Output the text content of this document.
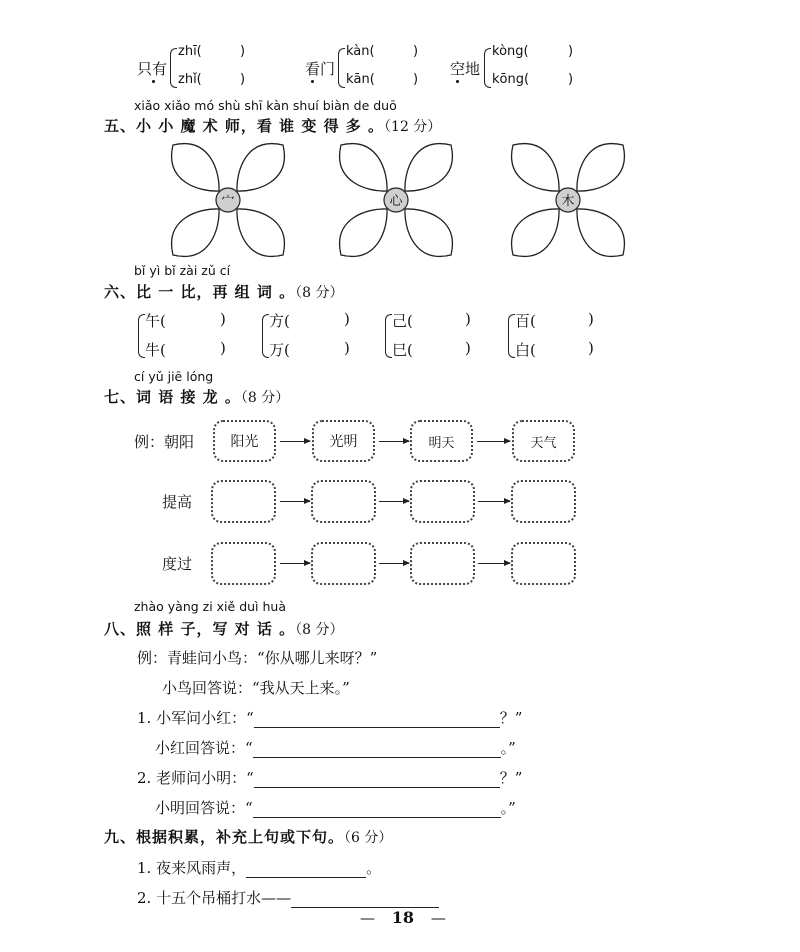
只有
zhī(	)
zhǐ(	)
看门
kàn(	)
kān(	)
空地
kòng(	)
kōng(	)
xiǎo xiǎo mó shù shī kàn shuí biàn de duō
五、小 小 魔 术 师，看 谁 变 得 多 。（12 分）
宀	心	木
bǐ yì bǐ zài zǔ cí
六、比 一 比，再 组 词 。（8 分）
午(	)
牛(	)
方(	)
万(	)
己(	)
巳(	)
百(	)
白(	)
cí yǔ jiē lóng
七、词 语 接 龙 。（8 分）
例：朝阳	阳光	光明	明天	天气
提高
度过
zhào yàng zi xiě duì huà
八、照 样 子，写 对 话 。（8 分）
例：青蛙问小鸟：“你从哪儿来呀？”
小鸟回答说：“我从天上来。”
1. 小军问小红：“	？”
小红回答说：“	。”
2. 老师问小明：“	？”
小明回答说：“	。”
九、根据积累，补充上句或下句。（6 分）
1. 夜来风雨声，	。
2. 十五个吊桶打水——
— 18 —
